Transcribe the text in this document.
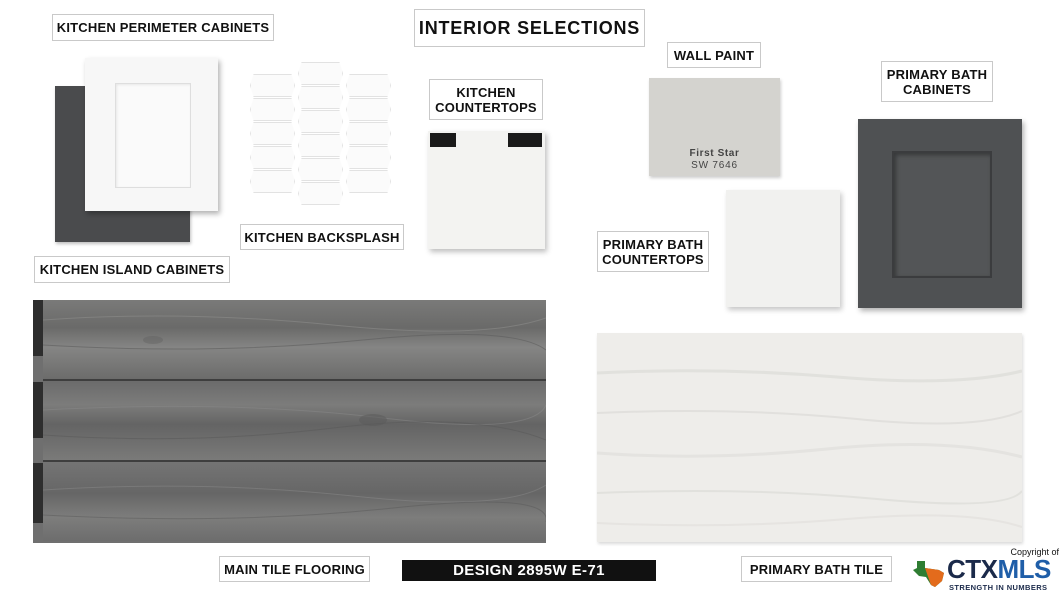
INTERIOR SELECTIONS
KITCHEN PERIMETER CABINETS
KITCHEN ISLAND CABINETS
KITCHEN BACKSPLASH
KITCHEN
COUNTERTOPS
WALL PAINT
First Star
SW 7646
PRIMARY BATH
CABINETS
PRIMARY BATH
COUNTERTOPS
MAIN TILE FLOORING	PRIMARY BATH TILE
DESIGN 2895W E-71
Copyright of
CTXMLS
STRENGTH IN NUMBERS
